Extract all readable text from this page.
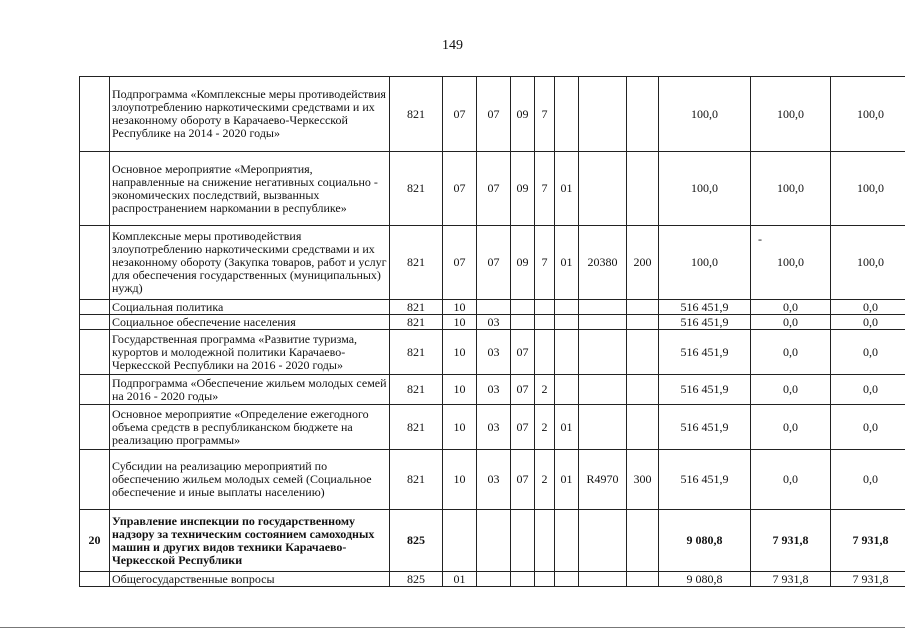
149
	Подпрограмма «Комплексные меры противодействия злоупотреблению наркотическими средствами и их незаконному обороту в Карачаево-Черкесской Республике на 2014 - 2020 годы»	821	07	07	09	7				100,0	100,0	100,0
	Основное мероприятие «Мероприятия, направленные на снижение негативных социально - экономических последствий, вызванных распространением наркомании в республике»	821	07	07	09	7	01			100,0	100,0	100,0
	Комплексные меры противодействия злоупотреблению наркотическими средствами и их незаконному обороту (Закупка товаров, работ и услуг для обеспечения государственных (муниципальных) нужд)	821	07	07	09	7	01	20380	200	100,0	100,0	100,0
	Социальная политика	821	10							516 451,9	0,0	0,0
	Социальное обеспечение населения	821	10	03						516 451,9	0,0	0,0
	Государственная программа «Развитие туризма, курортов и молодежной политики Карачаево-Черкесской Республики на 2016 - 2020 годы»	821	10	03	07					516 451,9	0,0	0,0
	Подпрограмма «Обеспечение жильем молодых семей на 2016 - 2020 годы»	821	10	03	07	2				516 451,9	0,0	0,0
	Основное мероприятие «Определение ежегодного объема средств в республиканском бюджете на реализацию программы»	821	10	03	07	2	01			516 451,9	0,0	0,0
	Субсидии на реализацию мероприятий по обеспечению жильем молодых семей (Социальное обеспечение и иные выплаты населению)	821	10	03	07	2	01	R4970	300	516 451,9	0,0	0,0
20	Управление инспекции по государственному надзору за техническим состоянием самоходных машин и других видов техники Карачаево-Черкесской Республики	825								9 080,8	7 931,8	7 931,8
	Общегосударственные вопросы	825	01							9 080,8	7 931,8	7 931,8
-
